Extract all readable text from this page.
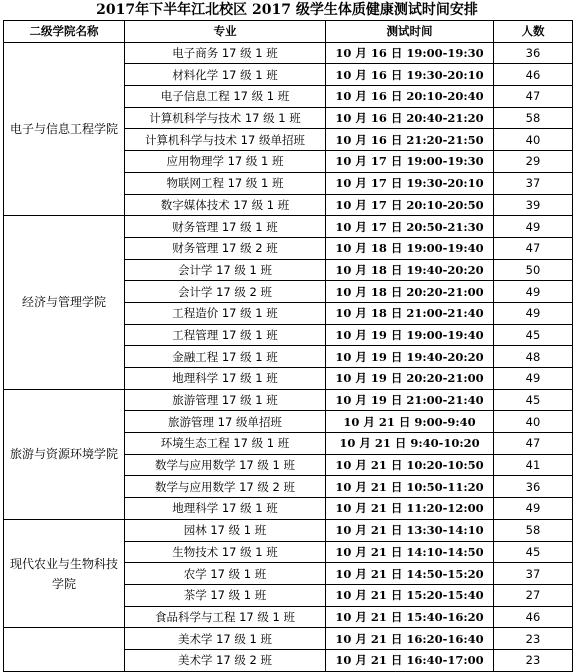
2017年下半年江北校区 2017 级学生体质健康测试时间安排
二级学院名称	专业	测试时间	人数
电子与信息工程学院	电子商务 17 级 1 班	10 月 16 日 19:00-19:30	36
	材料化学 17 级 1 班	10 月 16 日 19:30-20:10	46
	电子信息工程 17 级 1 班	10 月 16 日 20:10-20:40	47
	计算机科学与技术 17 级 1 班	10 月 16 日 20:40-21:20	58
	计算机科学与技术 17 级单招班	10 月 16 日 21:20-21:50	40
	应用物理学 17 级 1 班	10 月 17 日 19:00-19:30	29
	物联网工程 17 级 1 班	10 月 17 日 19:30-20:10	37
	数字媒体技术 17 级 1 班	10 月 17 日 20:10-20:50	39
经济与管理学院	财务管理 17 级 1 班	10 月 17 日 20:50-21:30	49
	财务管理 17 级 2 班	10 月 18 日 19:00-19:40	47
	会计学 17 级 1 班	10 月 18 日 19:40-20:20	50
	会计学 17 级 2 班	10 月 18 日 20:20-21:00	49
	工程造价 17 级 1 班	10 月 18 日 21:00-21:40	49
	工程管理 17 级 1 班	10 月 19 日 19:00-19:40	45
	金融工程 17 级 1 班	10 月 19 日 19:40-20:20	48
	地理科学 17 级 1 班	10 月 19 日 20:20-21:00	49
旅游与资源环境学院	旅游管理 17 级 1 班	10 月 19 日 21:00-21:40	45
	旅游管理 17 级单招班	10 月 21 日 9:00-9:40	40
	环境生态工程 17 级 1 班	10 月 21 日 9:40-10:20	47
	数学与应用数学 17 级 1 班	10 月 21 日 10:20-10:50	41
	数学与应用数学 17 级 2 班	10 月 21 日 10:50-11:20	36
	地理科学 17 级 1 班	10 月 21 日 11:20-12:00	49
现代农业与生物科技学院	园林 17 级 1 班	10 月 21 日 13:30-14:10	58
	生物技术 17 级 1 班	10 月 21 日 14:10-14:50	45
	农学 17 级 1 班	10 月 21 日 14:50-15:20	37
	茶学 17 级 1 班	10 月 21 日 15:20-15:40	27
	食品科学与工程 17 级 1 班	10 月 21 日 15:40-16:20	46
	美术学 17 级 1 班	10 月 21 日 16:20-16:40	23
	美术学 17 级 2 班	10 月 21 日 16:40-17:00	23
